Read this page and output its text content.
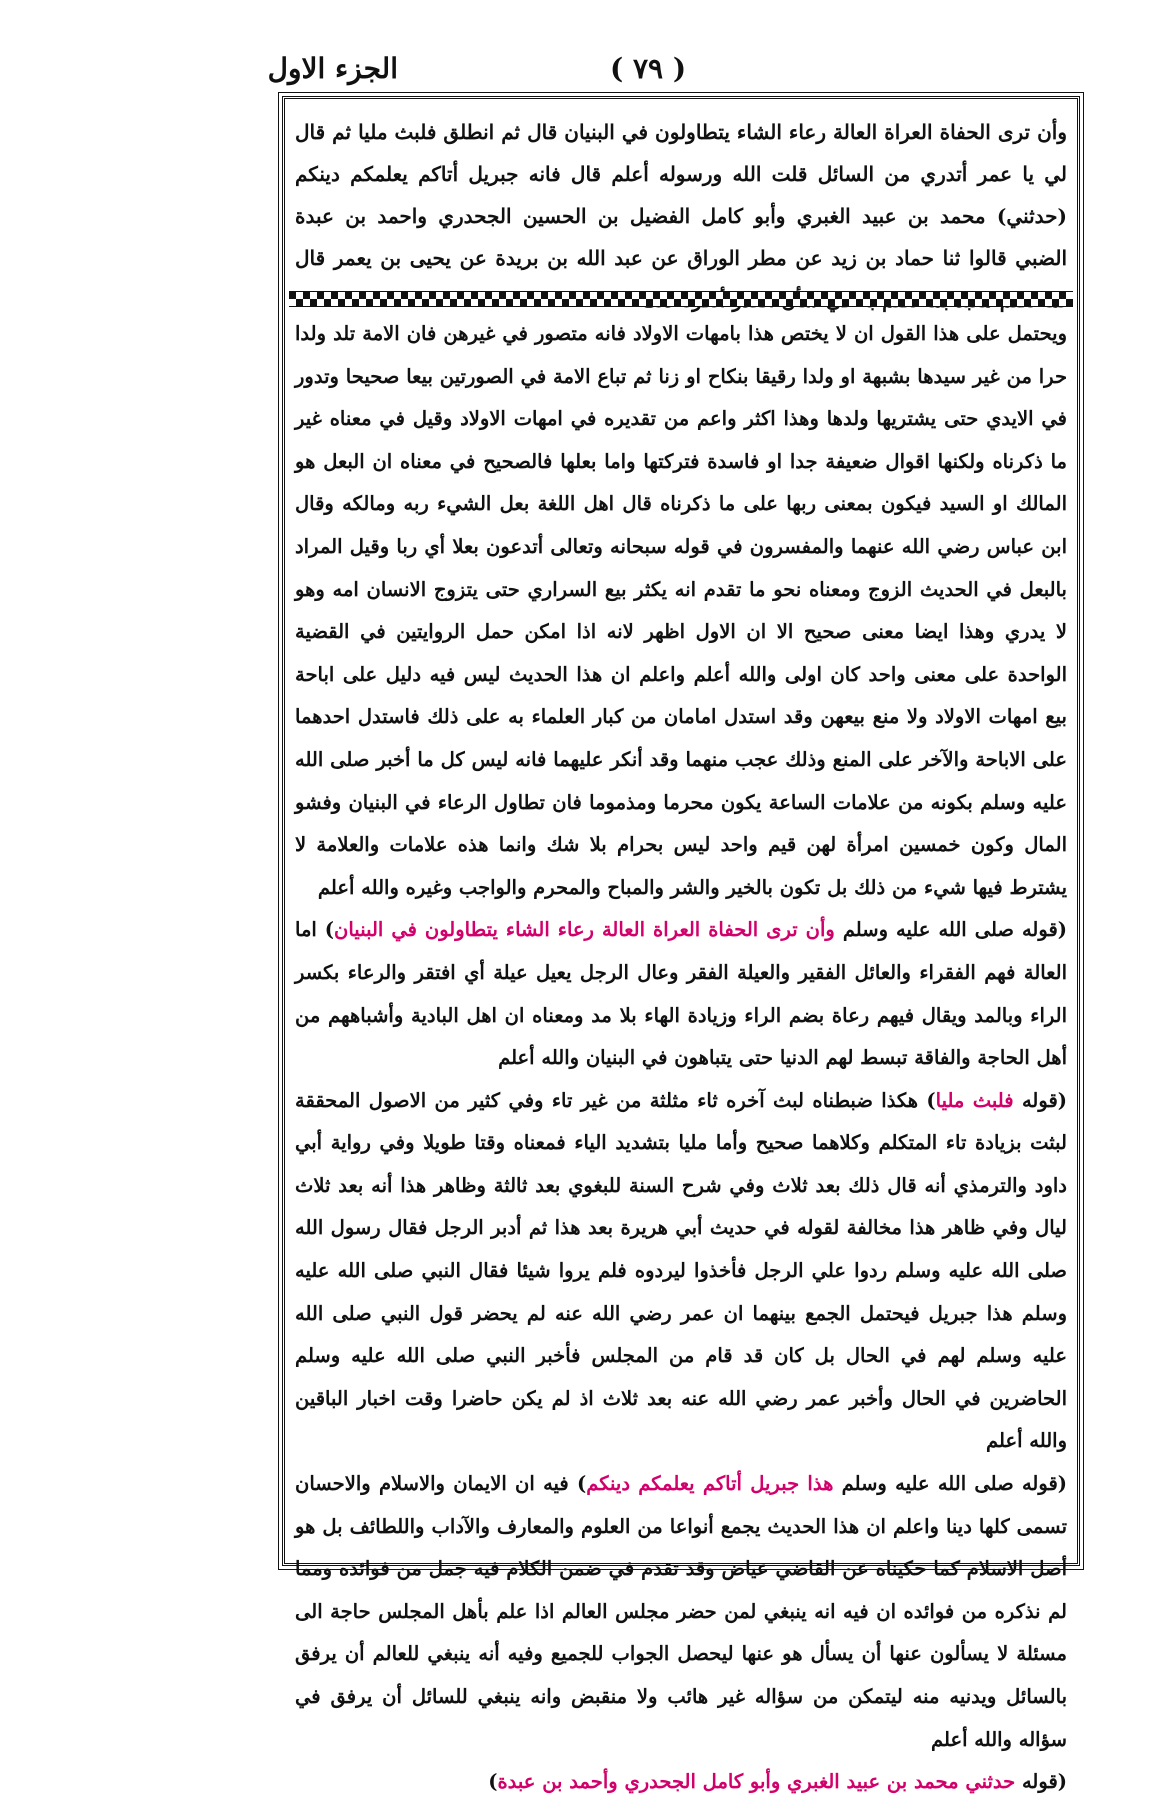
الجزء الاول	( ٧٩ )
وأن ترى الحفاة العراة العالة رعاء الشاء يتطاولون في البنيان قال ثم انطلق فلبث مليا ثم قال لي يا عمر أتدري من السائل قلت الله ورسوله أعلم قال فانه جبريل أتاكم يعلمكم دينكم (حدثني) محمد بن عبيد الغبري وأبو كامل الفضيل بن الحسين الجحدري واحمد بن عبدة الضبي قالوا ثنا حماد بن زيد عن مطر الوراق عن عبد الله بن بريدة عن يحيى بن يعمر قال

ويحتمل على هذا القول ان لا يختص هذا بامهات الاولاد فانه متصور في غيرهن فان الامة تلد ولدا حرا من غير سيدها بشبهة او ولدا رقيقا بنكاح او زنا ثم تباع الامة في الصورتين بيعا صحيحا وتدور في الايدي حتى يشتريها ولدها وهذا اكثر واعم من تقديره في امهات الاولاد وقيل في معناه غير ما ذكرناه ولكنها اقوال ضعيفة جدا او فاسدة فتركتها واما بعلها فالصحيح في معناه ان البعل هو المالك او السيد فيكون بمعنى ربها على ما ذكرناه قال اهل اللغة بعل الشيء ربه ومالكه وقال ابن عباس رضي الله عنهما والمفسرون في قوله سبحانه وتعالى أتدعون بعلا أي ربا وقيل المراد بالبعل في الحديث الزوج ومعناه نحو ما تقدم انه يكثر بيع السراري حتى يتزوج الانسان امه وهو لا يدري وهذا ايضا معنى صحيح الا ان الاول اظهر لانه اذا امكن حمل الروايتين في القضية الواحدة على معنى واحد كان اولى والله أعلم واعلم ان هذا الحديث ليس فيه دليل على اباحة بيع امهات الاولاد ولا منع بيعهن وقد استدل امامان من كبار العلماء به على ذلك فاستدل احدهما على الاباحة والآخر على المنع وذلك عجب منهما وقد أنكر عليهما فانه ليس كل ما أخبر صلى الله عليه وسلم بكونه من علامات الساعة يكون محرما ومذموما فان تطاول الرعاء في البنيان وفشو المال وكون خمسين امرأة لهن قيم واحد ليس بحرام بلا شك وانما هذه علامات والعلامة لا يشترط فيها شيء من ذلك بل تكون بالخير والشر والمباح والمحرم والواجب وغيره والله أعلم

(قوله صلى الله عليه وسلم وأن ترى الحفاة العراة العالة رعاء الشاء يتطاولون في البنيان) اما العالة فهم الفقراء والعائل الفقير والعيلة الفقر وعال الرجل يعيل عيلة أي افتقر والرعاء بكسر الراء وبالمد ويقال فيهم رعاة بضم الراء وزيادة الهاء بلا مد ومعناه ان اهل البادية وأشباههم من أهل الحاجة والفاقة تبسط لهم الدنيا حتى يتباهون في البنيان والله أعلم

(قوله فلبث مليا) هكذا ضبطناه لبث آخره ثاء مثلثة من غير تاء وفي كثير من الاصول المحققة لبثت بزيادة تاء المتكلم وكلاهما صحيح وأما مليا بتشديد الياء فمعناه وقتا طويلا وفي رواية أبي داود والترمذي أنه قال ذلك بعد ثلاث وفي شرح السنة للبغوي بعد ثالثة وظاهر هذا أنه بعد ثلاث ليال وفي ظاهر هذا مخالفة لقوله في حديث أبي هريرة بعد هذا ثم أدبر الرجل فقال رسول الله صلى الله عليه وسلم ردوا علي الرجل فأخذوا ليردوه فلم يروا شيئا فقال النبي صلى الله عليه وسلم هذا جبريل فيحتمل الجمع بينهما ان عمر رضي الله عنه لم يحضر قول النبي صلى الله عليه وسلم لهم في الحال بل كان قد قام من المجلس فأخبر النبي صلى الله عليه وسلم الحاضرين في الحال وأخبر عمر رضي الله عنه بعد ثلاث اذ لم يكن حاضرا وقت اخبار الباقين والله أعلم

(قوله صلى الله عليه وسلم هذا جبريل أتاكم يعلمكم دينكم) فيه ان الايمان والاسلام والاحسان تسمى كلها دينا واعلم ان هذا الحديث يجمع أنواعا من العلوم والمعارف والآداب واللطائف بل هو أصل الاسلام كما حكيناه عن القاضي عياض وقد تقدم في ضمن الكلام فيه جمل من فوائده ومما لم نذكره من فوائده ان فيه انه ينبغي لمن حضر مجلس العالم اذا علم بأهل المجلس حاجة الى مسئلة لا يسألون عنها أن يسأل هو عنها ليحصل الجواب للجميع وفيه أنه ينبغي للعالم أن يرفق بالسائل ويدنيه منه ليتمكن من سؤاله غير هائب ولا منقبض وانه ينبغي للسائل أن يرفق في سؤاله والله أعلم

(قوله حدثني محمد بن عبيد الغبري وأبو كامل الجحدري وأحمد بن عبدة)
